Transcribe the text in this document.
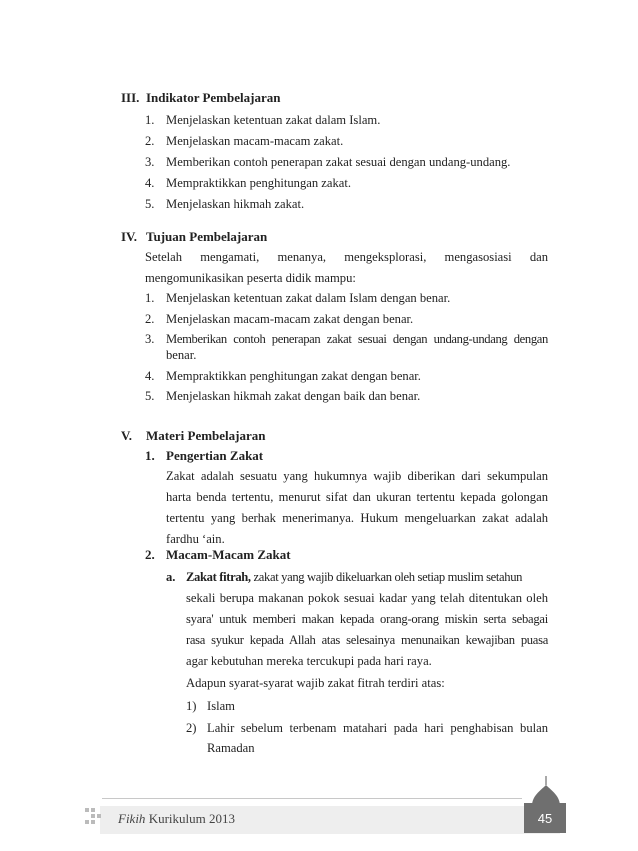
III. Indikator Pembelajaran
1. Menjelaskan ketentuan zakat dalam Islam.
2. Menjelaskan macam-macam zakat.
3. Memberikan contoh penerapan zakat sesuai dengan undang-undang.
4. Mempraktikkan penghitungan zakat.
5. Menjelaskan hikmah zakat.
IV. Tujuan Pembelajaran
Setelah mengamati, menanya, mengeksplorasi, mengasosiasi dan
mengomunikasikan peserta didik mampu:
1. Menjelaskan ketentuan zakat dalam Islam dengan benar.
2. Menjelaskan macam-macam zakat dengan benar.
3. Memberikan contoh penerapan zakat sesuai dengan undang-undang dengan
benar.
4. Mempraktikkan penghitungan zakat dengan benar.
5. Menjelaskan hikmah zakat dengan baik dan benar.
V. Materi Pembelajaran
1. Pengertian Zakat
Zakat adalah sesuatu yang hukumnya wajib diberikan dari sekumpulan
harta benda tertentu, menurut sifat dan ukuran tertentu kepada golongan
tertentu yang berhak menerimanya. Hukum mengeluarkan zakat adalah
fardhu ‘ain.
2. Macam-Macam Zakat
a. Zakat fitrah, zakat yang wajib dikeluarkan oleh setiap muslim setahun
sekali berupa makanan pokok sesuai kadar yang telah ditentukan oleh
syara' untuk memberi makan kepada orang-orang miskin serta sebagai
rasa syukur kepada Allah atas selesainya menunaikan kewajiban puasa
agar kebutuhan mereka tercukupi pada hari raya.
Adapun syarat-syarat wajib zakat fitrah terdiri atas:
1) Islam
2) Lahir sebelum terbenam matahari pada hari penghabisan bulan
Ramadan
Fikih Kurikulum 2013	45
